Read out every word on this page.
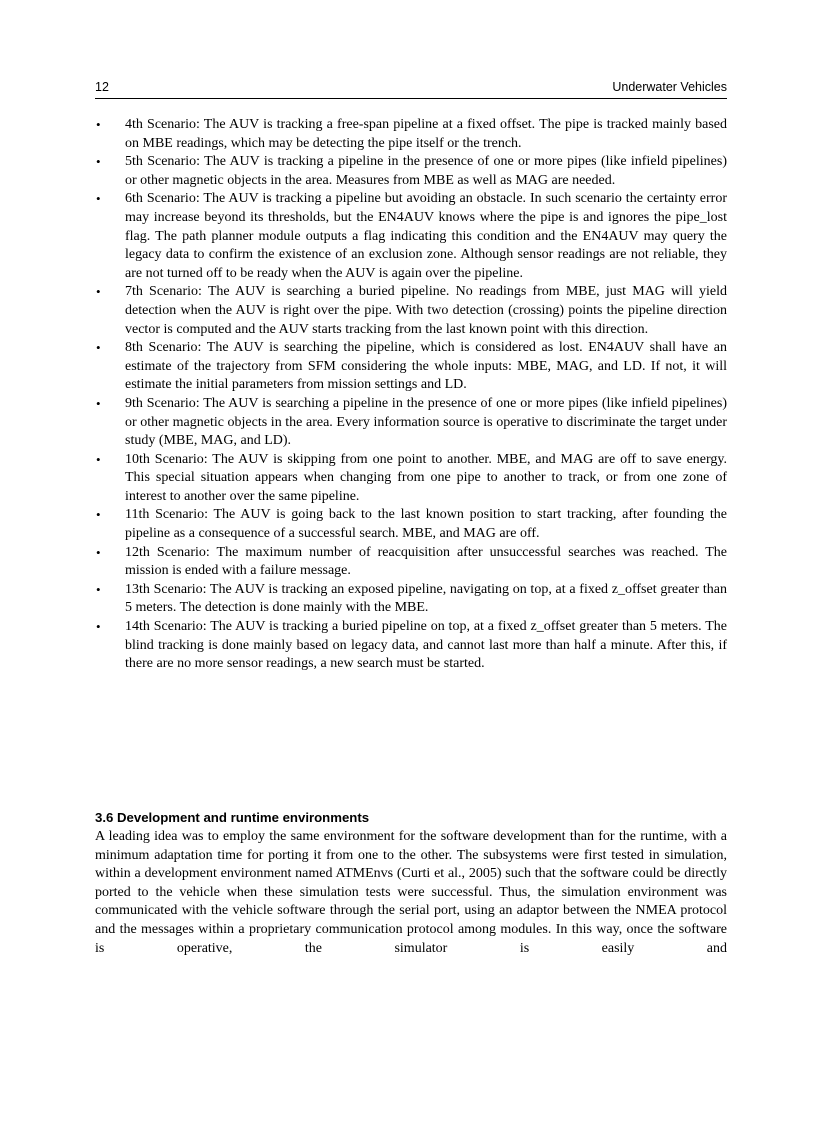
12	Underwater Vehicles
• 4th Scenario: The AUV is tracking a free-span pipeline at a fixed offset. The pipe is tracked mainly based on MBE readings, which may be detecting the pipe itself or the trench.
• 5th Scenario: The AUV is tracking a pipeline in the presence of one or more pipes (like infield pipelines) or other magnetic objects in the area. Measures from MBE as well as MAG are needed.
• 6th Scenario: The AUV is tracking a pipeline but avoiding an obstacle. In such scenario the certainty error may increase beyond its thresholds, but the EN4AUV knows where the pipe is and ignores the pipe_lost flag. The path planner module outputs a flag indicating this condition and the EN4AUV may query the legacy data to confirm the existence of an exclusion zone. Although sensor readings are not reliable, they are not turned off to be ready when the AUV is again over the pipeline.
• 7th Scenario: The AUV is searching a buried pipeline. No readings from MBE, just MAG will yield detection when the AUV is right over the pipe. With two detection (crossing) points the pipeline direction vector is computed and the AUV starts tracking from the last known point with this direction.
• 8th Scenario: The AUV is searching the pipeline, which is considered as lost. EN4AUV shall have an estimate of the trajectory from SFM considering the whole inputs: MBE, MAG, and LD. If not, it will estimate the initial parameters from mission settings and LD.
• 9th Scenario: The AUV is searching a pipeline in the presence of one or more pipes (like infield pipelines) or other magnetic objects in the area. Every information source is operative to discriminate the target under study (MBE, MAG, and LD).
• 10th Scenario: The AUV is skipping from one point to another. MBE, and MAG are off to save energy. This special situation appears when changing from one pipe to another to track, or from one zone of interest to another over the same pipeline.
• 11th Scenario: The AUV is going back to the last known position to start tracking, after founding the pipeline as a consequence of a successful search. MBE, and MAG are off.
• 12th Scenario: The maximum number of reacquisition after unsuccessful searches was reached. The mission is ended with a failure message.
• 13th Scenario: The AUV is tracking an exposed pipeline, navigating on top, at a fixed z_offset greater than 5 meters. The detection is done mainly with the MBE.
• 14th Scenario: The AUV is tracking a buried pipeline on top, at a fixed z_offset greater than 5 meters. The blind tracking is done mainly based on legacy data, and cannot last more than half a minute. After this, if there are no more sensor readings, a new search must be started.
3.6 Development and runtime environments

A leading idea was to employ the same environment for the software development than for the runtime, with a minimum adaptation time for porting it from one to the other. The subsystems were first tested in simulation, within a development environment named ATMEnvs (Curti et al., 2005) such that the software could be directly ported to the vehicle when these simulation tests were successful. Thus, the simulation environment was communicated with the vehicle software through the serial port, using an adaptor between the NMEA protocol and the messages within a proprietary communication protocol among modules. In this way, once the software is operative, the simulator is easily and
